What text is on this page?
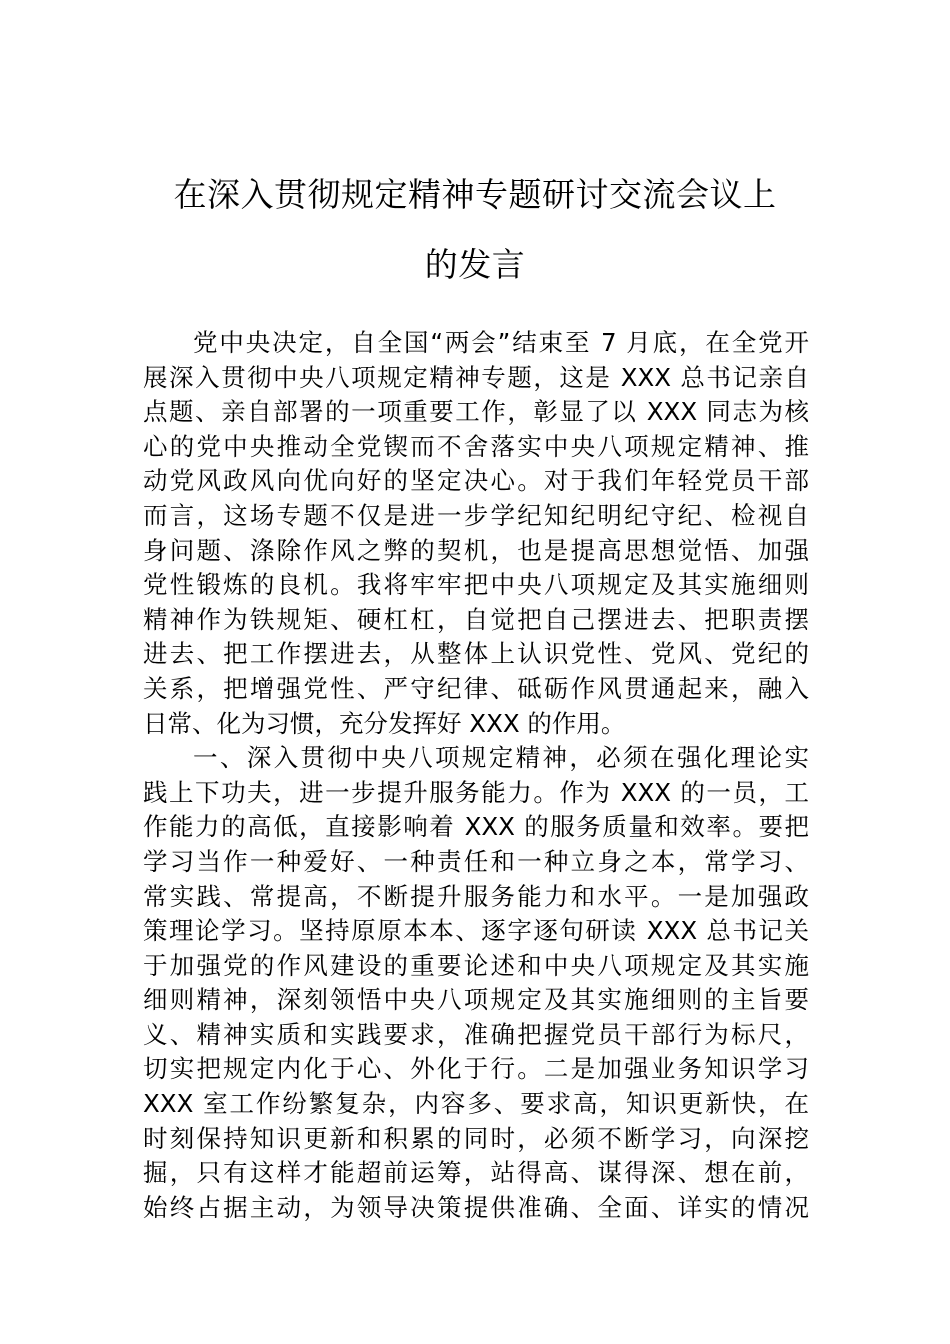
在深入贯彻规定精神专题研讨交流会议上
的发言
党中央决定，自全国“两会”结束至 7 月底，在全党开
展深入贯彻中央八项规定精神专题，这是 XXX 总书记亲自
点题、亲自部署的一项重要工作，彰显了以 XXX 同志为核
心的党中央推动全党锲而不舍落实中央八项规定精神、推
动党风政风向优向好的坚定决心。对于我们年轻党员干部
而言，这场专题不仅是进一步学纪知纪明纪守纪、检视自
身问题、涤除作风之弊的契机，也是提高思想觉悟、加强
党性锻炼的良机。我将牢牢把中央八项规定及其实施细则
精神作为铁规矩、硬杠杠，自觉把自己摆进去、把职责摆
进去、把工作摆进去，从整体上认识党性、党风、党纪的
关系，把增强党性、严守纪律、砥砺作风贯通起来，融入
日常、化为习惯，充分发挥好 XXX 的作用。
一、深入贯彻中央八项规定精神，必须在强化理论实
践上下功夫，进一步提升服务能力。作为 XXX 的一员，工
作能力的高低，直接影响着 XXX 的服务质量和效率。要把
学习当作一种爱好、一种责任和一种立身之本，常学习、
常实践、常提高，不断提升服务能力和水平。一是加强政
策理论学习。坚持原原本本、逐字逐句研读 XXX 总书记关
于加强党的作风建设的重要论述和中央八项规定及其实施
细则精神，深刻领悟中央八项规定及其实施细则的主旨要
义、精神实质和实践要求，准确把握党员干部行为标尺，
切实把规定内化于心、外化于行。二是加强业务知识学习
XXX 室工作纷繁复杂，内容多、要求高，知识更新快，在
时刻保持知识更新和积累的同时，必须不断学习，向深挖
掘，只有这样才能超前运筹，站得高、谋得深、想在前，
始终占据主动，为领导决策提供准确、全面、详实的情况
